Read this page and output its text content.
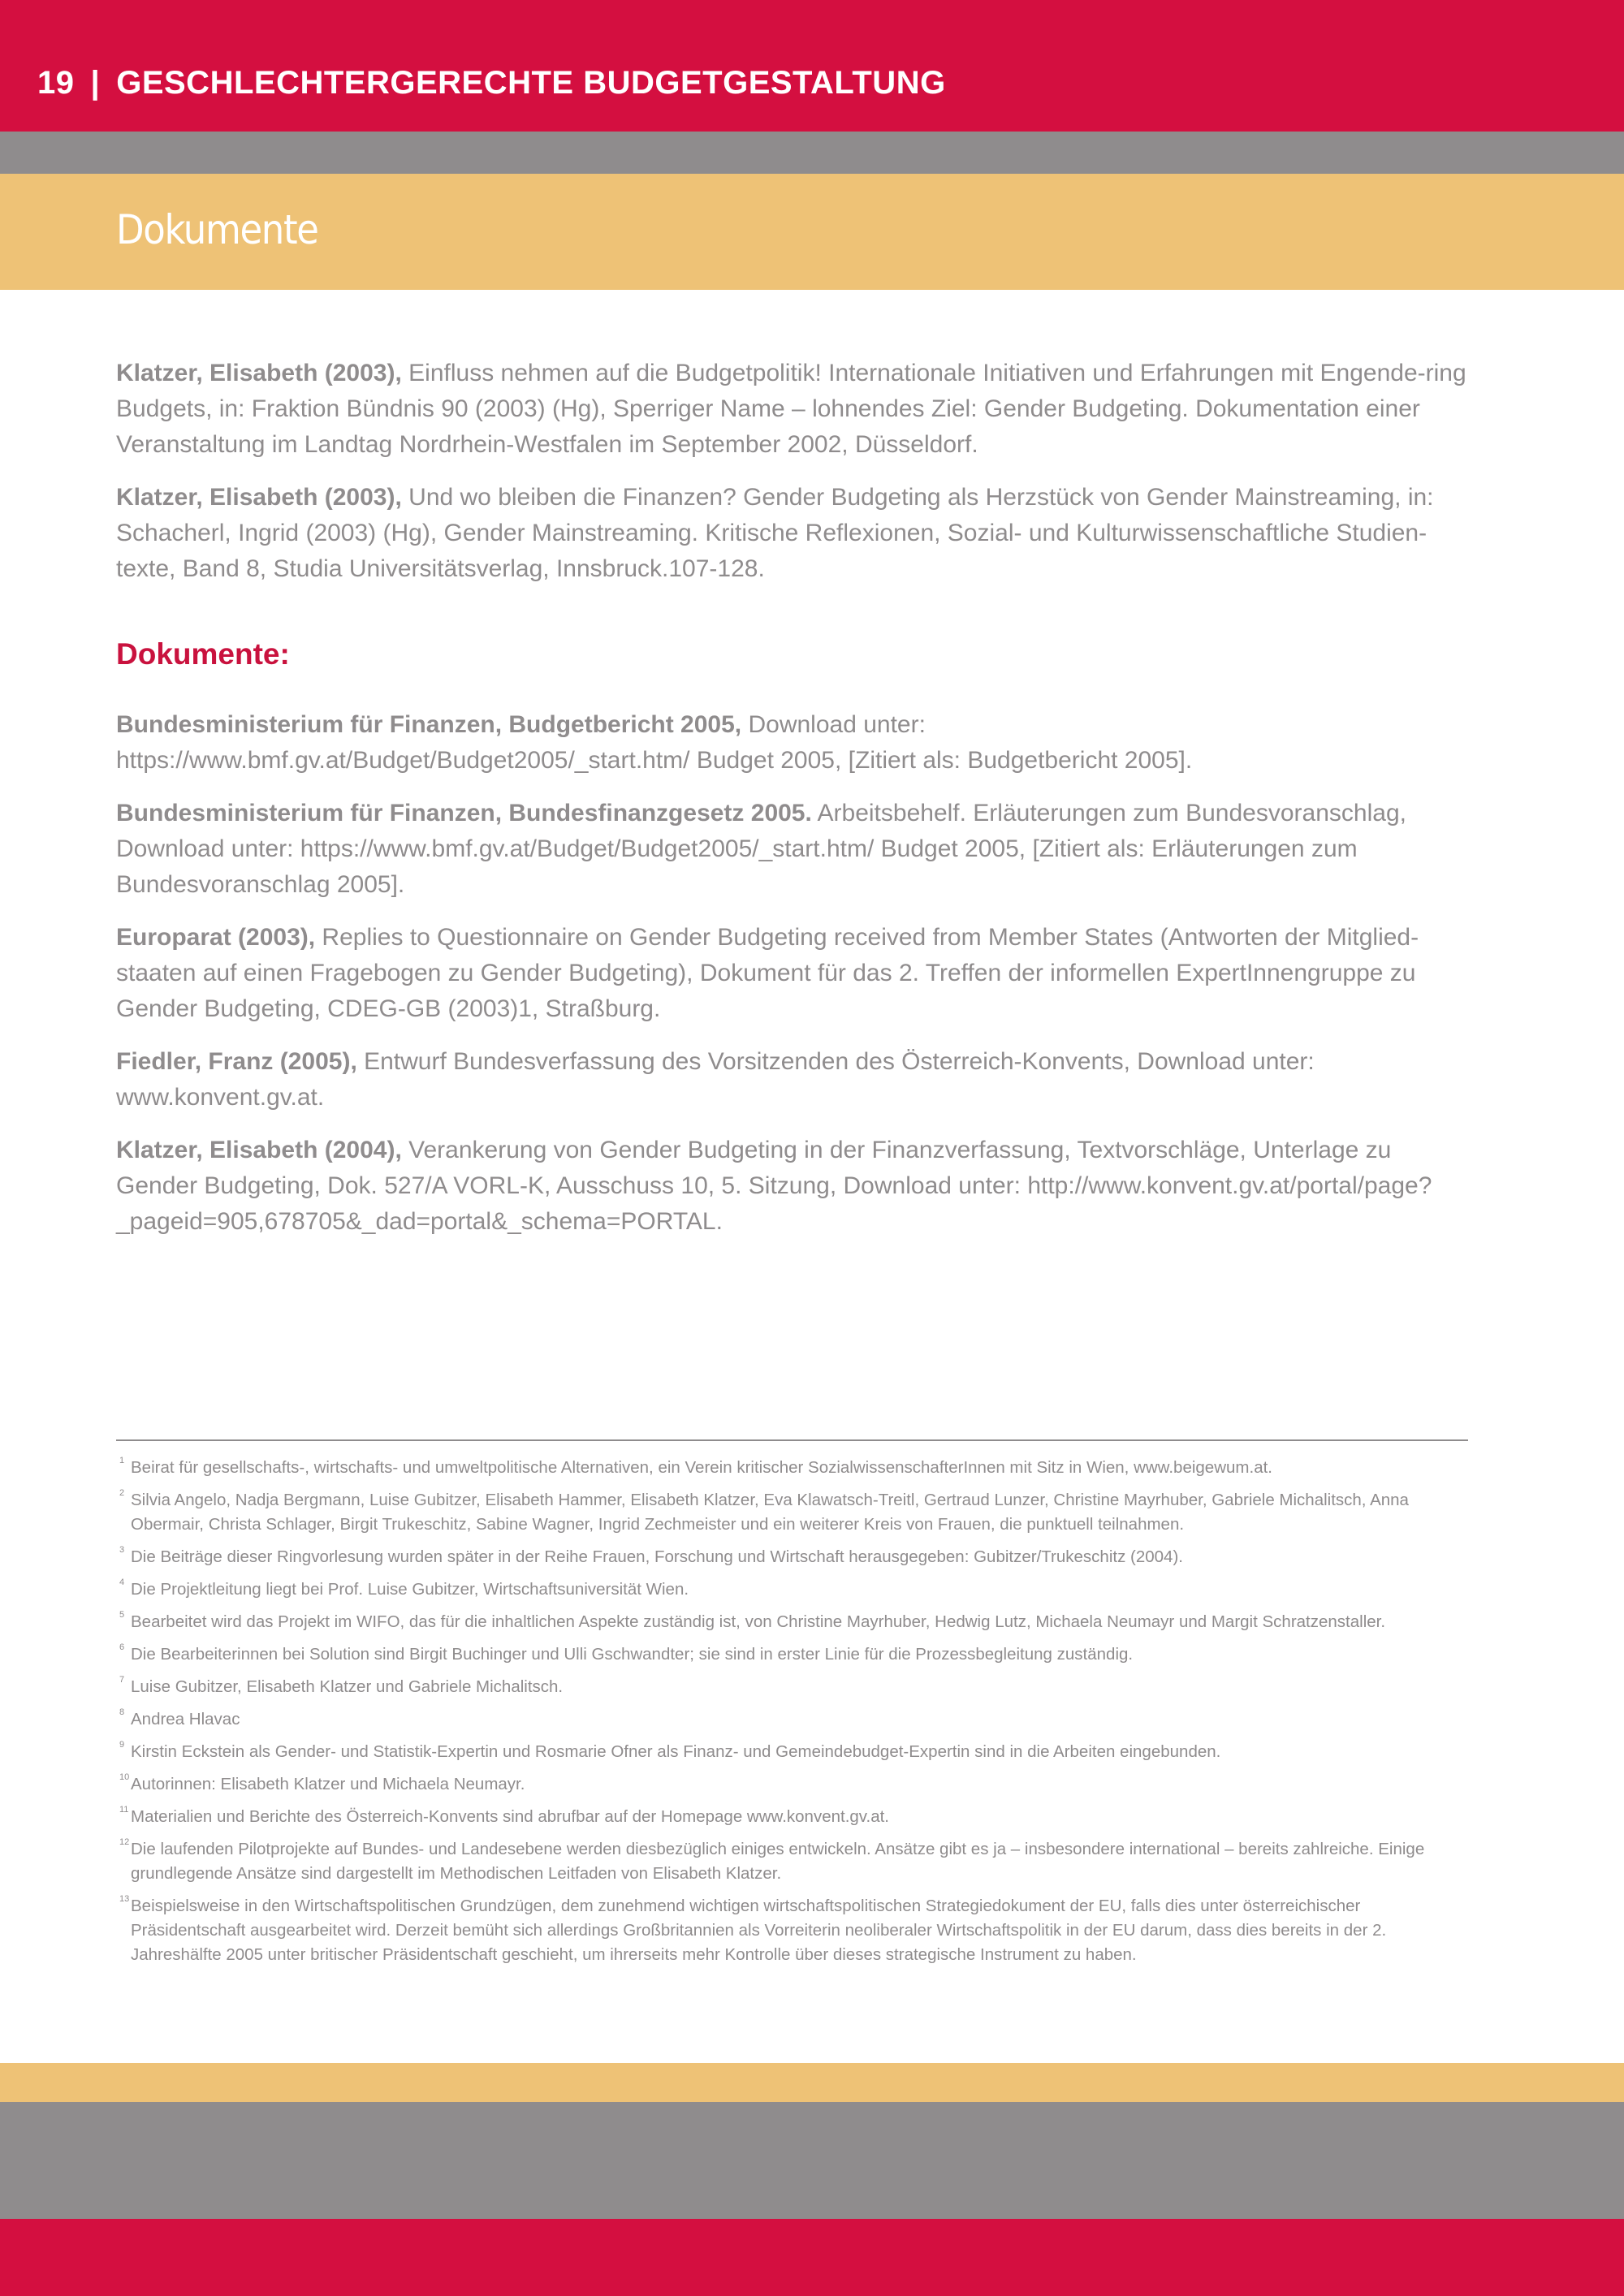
19 | GESCHLECHTERGERECHTE BUDGETGESTALTUNG
Dokumente

Klatzer, Elisabeth (2003), Einfluss nehmen auf die Budgetpolitik! Internationale Initiativen und Erfahrungen mit Engende-ring Budgets, in: Fraktion Bündnis 90 (2003) (Hg), Sperriger Name – lohnendes Ziel: Gender Budgeting. Dokumentation einer Veranstaltung im Landtag Nordrhein-Westfalen im September 2002, Düsseldorf.

Klatzer, Elisabeth (2003), Und wo bleiben die Finanzen? Gender Budgeting als Herzstück von Gender Mainstreaming, in: Schacherl, Ingrid (2003) (Hg), Gender Mainstreaming. Kritische Reflexionen, Sozial- und Kulturwissenschaftliche Studien-texte, Band 8, Studia Universitätsverlag, Innsbruck.107-128.

Dokumente:

Bundesministerium für Finanzen, Budgetbericht 2005, Download unter: https://www.bmf.gv.at/Budget/Budget2005/_start.htm/ Budget 2005, [Zitiert als: Budgetbericht 2005].

Bundesministerium für Finanzen, Bundesfinanzgesetz 2005. Arbeitsbehelf. Erläuterungen zum Bundesvoranschlag, Download unter: https://www.bmf.gv.at/Budget/Budget2005/_start.htm/ Budget 2005, [Zitiert als: Erläuterungen zum Bundesvoranschlag 2005].

Europarat (2003), Replies to Questionnaire on Gender Budgeting received from Member States (Antworten der Mitglied-staaten auf einen Fragebogen zu Gender Budgeting), Dokument für das 2. Treffen der informellen ExpertInnengruppe zu Gender Budgeting, CDEG-GB (2003)1, Straßburg.

Fiedler, Franz (2005), Entwurf Bundesverfassung des Vorsitzenden des Österreich-Konvents, Download unter: www.konvent.gv.at.

Klatzer, Elisabeth (2004), Verankerung von Gender Budgeting in der Finanzverfassung, Textvorschläge, Unterlage zu Gender Budgeting, Dok. 527/A VORL-K, Ausschuss 10, 5. Sitzung, Download unter: http://www.konvent.gv.at/portal/page?_pageid=905,678705&_dad=portal&_schema=PORTAL.

1 Beirat für gesellschafts-, wirtschafts- und umweltpolitische Alternativen, ein Verein kritischer SozialwissenschafterInnen mit Sitz in Wien, www.beigewum.at.
2 Silvia Angelo, Nadja Bergmann, Luise Gubitzer, Elisabeth Hammer, Elisabeth Klatzer, Eva Klawatsch-Treitl, Gertraud Lunzer, Christine Mayrhuber, Gabriele Michalitsch, Anna Obermair, Christa Schlager, Birgit Trukeschitz, Sabine Wagner, Ingrid Zechmeister und ein weiterer Kreis von Frauen, die punktuell teilnahmen.
3 Die Beiträge dieser Ringvorlesung wurden später in der Reihe Frauen, Forschung und Wirtschaft herausgegeben: Gubitzer/Trukeschitz (2004).
4 Die Projektleitung liegt bei Prof. Luise Gubitzer, Wirtschaftsuniversität Wien.
5 Bearbeitet wird das Projekt im WIFO, das für die inhaltlichen Aspekte zuständig ist, von Christine Mayrhuber, Hedwig Lutz, Michaela Neumayr und Margit Schratzenstaller.
6 Die Bearbeiterinnen bei Solution sind Birgit Buchinger und Ulli Gschwandter; sie sind in erster Linie für die Prozessbegleitung zuständig.
7 Luise Gubitzer, Elisabeth Klatzer und Gabriele Michalitsch.
8 Andrea Hlavac
9 Kirstin Eckstein als Gender- und Statistik-Expertin und Rosmarie Ofner als Finanz- und Gemeindebudget-Expertin sind in die Arbeiten eingebunden.
10 Autorinnen: Elisabeth Klatzer und Michaela Neumayr.
11 Materialien und Berichte des Österreich-Konvents sind abrufbar auf der Homepage www.konvent.gv.at.
12 Die laufenden Pilotprojekte auf Bundes- und Landesebene werden diesbezüglich einiges entwickeln. Ansätze gibt es ja – insbesondere international – bereits zahlreiche. Einige grundlegende Ansätze sind dargestellt im Methodischen Leitfaden von Elisabeth Klatzer.
13 Beispielsweise in den Wirtschaftspolitischen Grundzügen, dem zunehmend wichtigen wirtschaftspolitischen Strategiedokument der EU, falls dies unter österreichischer Präsidentschaft ausgearbeitet wird. Derzeit bemüht sich allerdings Großbritannien als Vorreiterin neoliberaler Wirtschaftspolitik in der EU darum, dass dies bereits in der 2. Jahreshälfte 2005 unter britischer Präsidentschaft geschieht, um ihrerseits mehr Kontrolle über dieses strategische Instrument zu haben.
